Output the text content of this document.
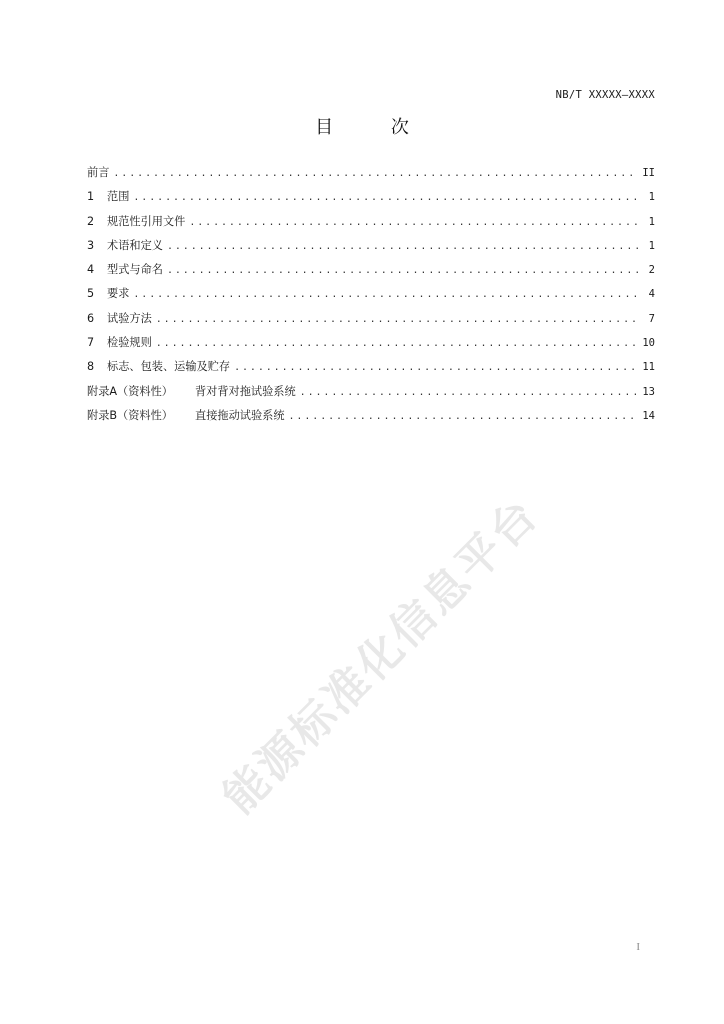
NB/T XXXXX—XXXX
目 次
前言 .....	II
1 范围 .....	1
2 规范性引用文件 .....	1
3 术语和定义 .....	1
4 型式与命名 .....	2
5 要求 .....	4
6 试验方法 .....	7
7 检验规则 .....	10
8 标志、包装、运输及贮存 .....	11
附录A（资料性） 背对背对拖试验系统 .....	13
附录B（资料性） 直接拖动试验系统 .....	14
能源标准化信息平台
I
